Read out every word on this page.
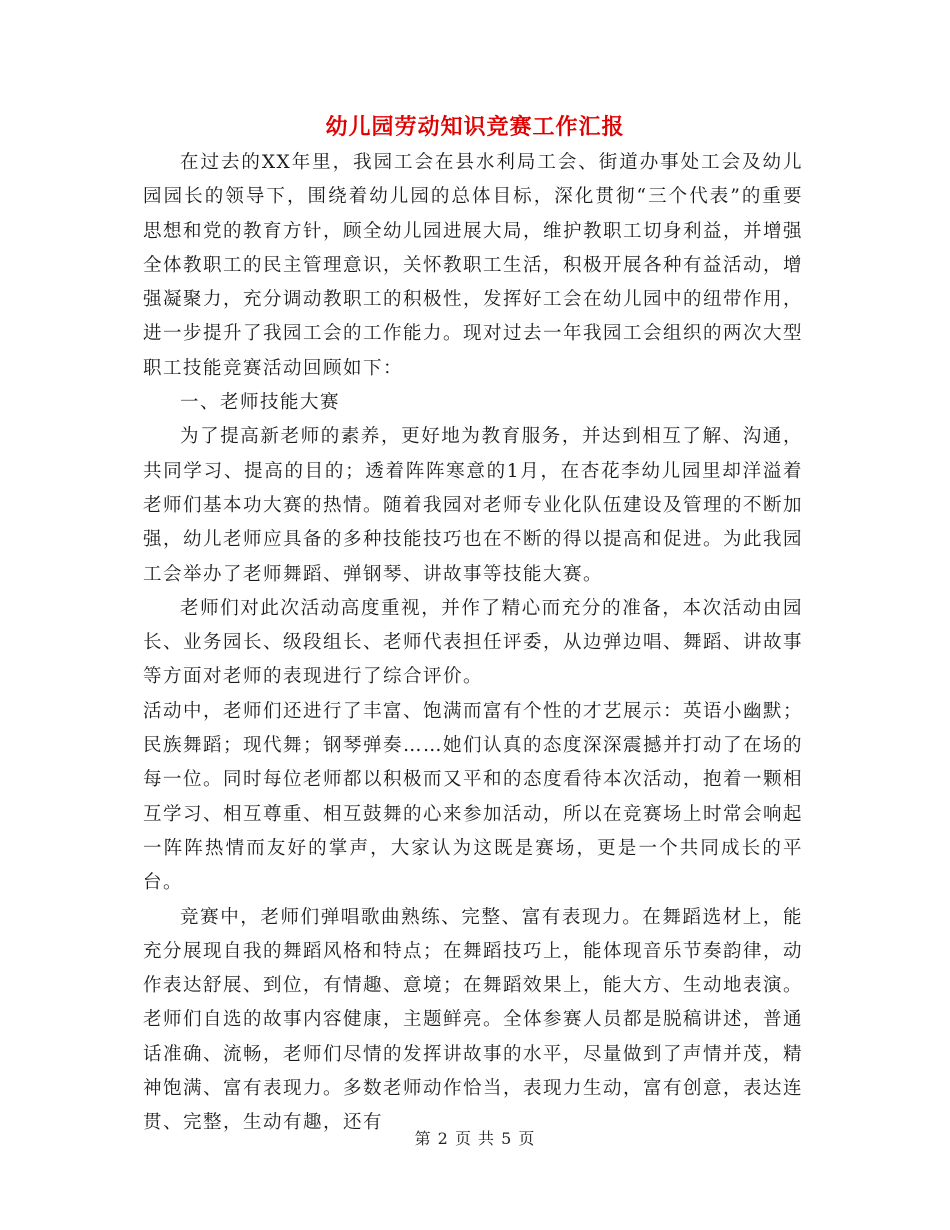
幼儿园劳动知识竞赛工作汇报

在过去的XX年里，我园工会在县水利局工会、街道办事处工会及幼儿园园长的领导下，围绕着幼儿园的总体目标，深化贯彻“三个代表”的重要思想和党的教育方针，顾全幼儿园进展大局，维护教职工切身利益，并增强全体教职工的民主管理意识，关怀教职工生活，积极开展各种有益活动，增强凝聚力，充分调动教职工的积极性，发挥好工会在幼儿园中的纽带作用，进一步提升了我园工会的工作能力。现对过去一年我园工会组织的两次大型职工技能竞赛活动回顾如下：

一、老师技能大赛

为了提高新老师的素养，更好地为教育服务，并达到相互了解、沟通，共同学习、提高的目的；透着阵阵寒意的1月，在杏花李幼儿园里却洋溢着老师们基本功大赛的热情。随着我园对老师专业化队伍建设及管理的不断加强，幼儿老师应具备的多种技能技巧也在不断的得以提高和促进。为此我园工会举办了老师舞蹈、弹钢琴、讲故事等技能大赛。

老师们对此次活动高度重视，并作了精心而充分的准备，本次活动由园长、业务园长、级段组长、老师代表担任评委，从边弹边唱、舞蹈、讲故事等方面对老师的表现进行了综合评价。

活动中，老师们还进行了丰富、饱满而富有个性的才艺展示：英语小幽默；民族舞蹈；现代舞；钢琴弹奏……她们认真的态度深深震撼并打动了在场的每一位。同时每位老师都以积极而又平和的态度看待本次活动，抱着一颗相互学习、相互尊重、相互鼓舞的心来参加活动，所以在竞赛场上时常会响起一阵阵热情而友好的掌声，大家认为这既是赛场，更是一个共同成长的平台。

竞赛中，老师们弹唱歌曲熟练、完整、富有表现力。在舞蹈选材上，能充分展现自我的舞蹈风格和特点；在舞蹈技巧上，能体现音乐节奏韵律，动作表达舒展、到位，有情趣、意境；在舞蹈效果上，能大方、生动地表演。老师们自选的故事内容健康，主题鲜亮。全体参赛人员都是脱稿讲述，普通话准确、流畅，老师们尽情的发挥讲故事的水平，尽量做到了声情并茂，精神饱满、富有表现力。多数老师动作恰当，表现力生动，富有创意，表达连贯、完整，生动有趣，还有

第 2 页 共 5 页
